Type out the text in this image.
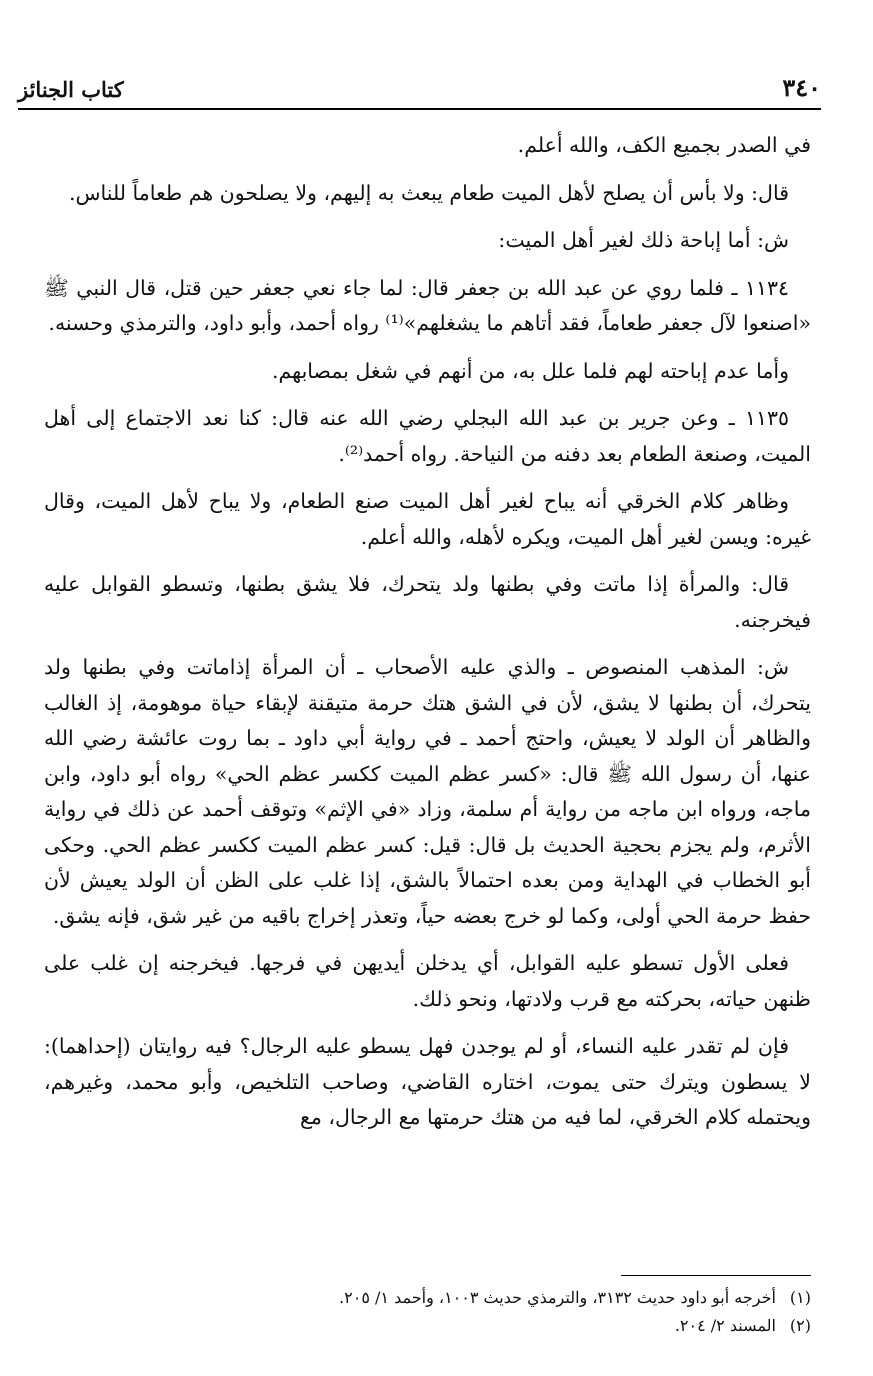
كتاب الجنائز	٣٤٠

في الصدر بجميع الكف، والله أعلم.

قال: ولا بأس أن يصلح لأهل الميت طعام يبعث به إليهم، ولا يصلحون هم طعاماً للناس.

ش: أما إباحة ذلك لغير أهل الميت:

١١٣٤ ـ فلما روي عن عبد الله بن جعفر قال: لما جاء نعي جعفر حين قتل، قال النبي ﷺ «اصنعوا لآل جعفر طعاماً، فقد أتاهم ما يشغلهم»⁽¹⁾ رواه أحمد، وأبو داود، والترمذي وحسنه.

وأما عدم إباحته لهم فلما علل به، من أنهم في شغل بمصابهم.

١١٣٥ ـ وعن جرير بن عبد الله البجلي رضي الله عنه قال: كنا نعد الاجتماع إلى أهل الميت، وصنعة الطعام بعد دفنه من النياحة. رواه أحمد⁽²⁾.

وظاهر كلام الخرقي أنه يباح لغير أهل الميت صنع الطعام، ولا يباح لأهل الميت، وقال غيره: ويسن لغير أهل الميت، ويكره لأهله، والله أعلم.

قال: والمرأة إذا ماتت وفي بطنها ولد يتحرك، فلا يشق بطنها، وتسطو القوابل عليه فيخرجنه.

ش: المذهب المنصوص ـ والذي عليه الأصحاب ـ أن المرأة إذاماتت وفي بطنها ولد يتحرك، أن بطنها لا يشق، لأن في الشق هتك حرمة متيقنة لإبقاء حياة موهومة، إذ الغالب والظاهر أن الولد لا يعيش، واحتج أحمد ـ في رواية أبي داود ـ بما روت عائشة رضي الله عنها، أن رسول الله ﷺ قال: «كسر عظم الميت ككسر عظم الحي» رواه أبو داود، وابن ماجه، ورواه ابن ماجه من رواية أم سلمة، وزاد «في الإثم» وتوقف أحمد عن ذلك في رواية الأثرم، ولم يجزم بحجية الحديث بل قال: قيل: كسر عظم الميت ككسر عظم الحي. وحكى أبو الخطاب في الهداية ومن بعده احتمالاً بالشق، إذا غلب على الظن أن الولد يعيش لأن حفظ حرمة الحي أولى، وكما لو خرج بعضه حياً، وتعذر إخراج باقيه من غير شق، فإنه يشق.

فعلى الأول تسطو عليه القوابل، أي يدخلن أيديهن في فرجها. فيخرجنه إن غلب على ظنهن حياته، بحركته مع قرب ولادتها، ونحو ذلك.

فإن لم تقدر عليه النساء، أو لم يوجدن فهل يسطو عليه الرجال؟ فيه روايتان (إحداهما): لا يسطون ويترك حتى يموت، اختاره القاضي، وصاحب التلخيص، وأبو محمد، وغيرهم، ويحتمله كلام الخرقي، لما فيه من هتك حرمتها مع الرجال، مع

(١)
أخرجه أبو داود حديث ٣١٣٢، والترمذي حديث ١٠٠٣، وأحمد ١/ ٢٠٥.
(٢)
المسند ٢/ ٢٠٤.
